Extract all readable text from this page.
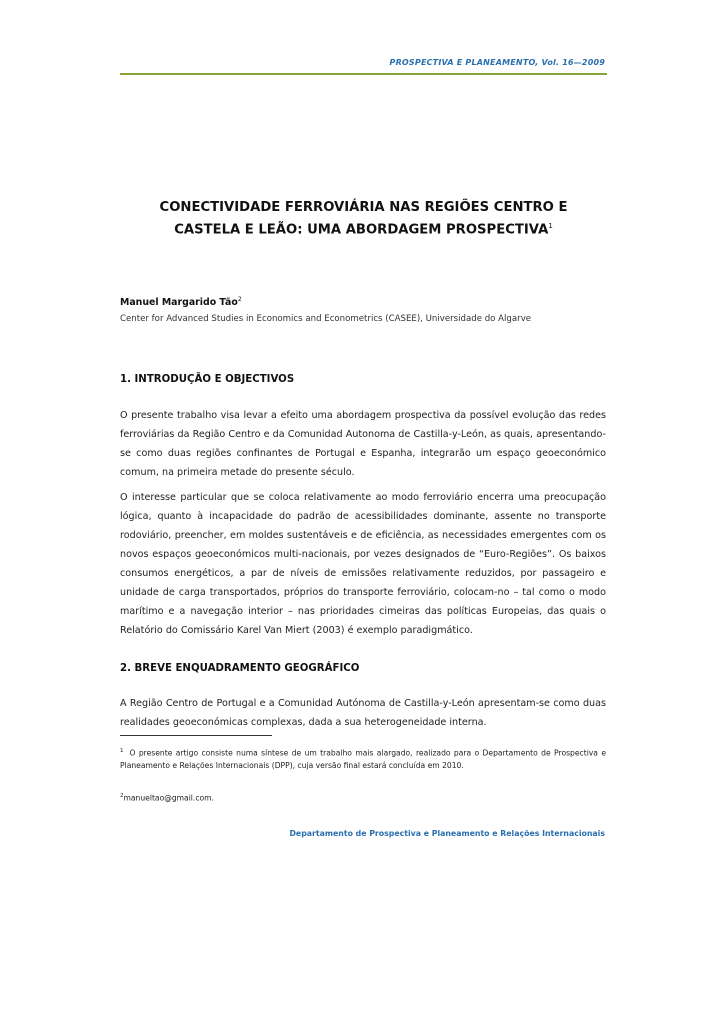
PROSPECTIVA E PLANEAMENTO, Vol. 16—2009
CONECTIVIDADE FERROVIÁRIA NAS REGIÕES CENTRO E
CASTELA E LEÃO: UMA ABORDAGEM PROSPECTIVA$^1$
Manuel Margarido Tão$^2$
Center for Advanced Studies in Economics and Econometrics (CASEE), Universidade do Algarve
1. INTRODUÇÃO E OBJECTIVOS
O presente trabalho visa levar a efeito uma abordagem prospectiva da possível evolução das redes ferroviárias da Região Centro e da Comunidad Autonoma de Castilla-y-León, as quais, apresentando-se como duas regiões confinantes de Portugal e Espanha, integrarão um espaço geoeconómico comum, na primeira metade do presente século.
O interesse particular que se coloca relativamente ao modo ferroviário encerra uma preocupação lógica, quanto à incapacidade do padrão de acessibilidades dominante, assente no transporte rodoviário, preencher, em moldes sustentáveis e de eficiência, as necessidades emergentes com os novos espaços geoeconómicos multi-nacionais, por vezes designados de “Euro-Regiões”. Os baixos consumos energéticos, a par de níveis de emissões relativamente reduzidos, por passageiro e unidade de carga transportados, próprios do transporte ferroviário, colocam-no – tal como o modo marítimo e a navegação interior – nas prioridades cimeiras das políticas Europeias, das quais o Relatório do Comissário Karel Van Miert (2003) é exemplo paradigmático.
2. BREVE ENQUADRAMENTO GEOGRÁFICO
A Região Centro de Portugal e a Comunidad Autónoma de Castilla-y-León apresentam-se como duas realidades geoeconómicas complexas, dada a sua heterogeneidade interna.
$^1$ O presente artigo consiste numa síntese de um trabalho mais alargado, realizado para o Departamento de Prospectiva e Planeamento e Relações Internacionais (DPP), cuja versão final estará concluída em 2010.
$^2$manueltao@gmail.com.
Departamento de Prospectiva e Planeamento e Relações Internacionais
